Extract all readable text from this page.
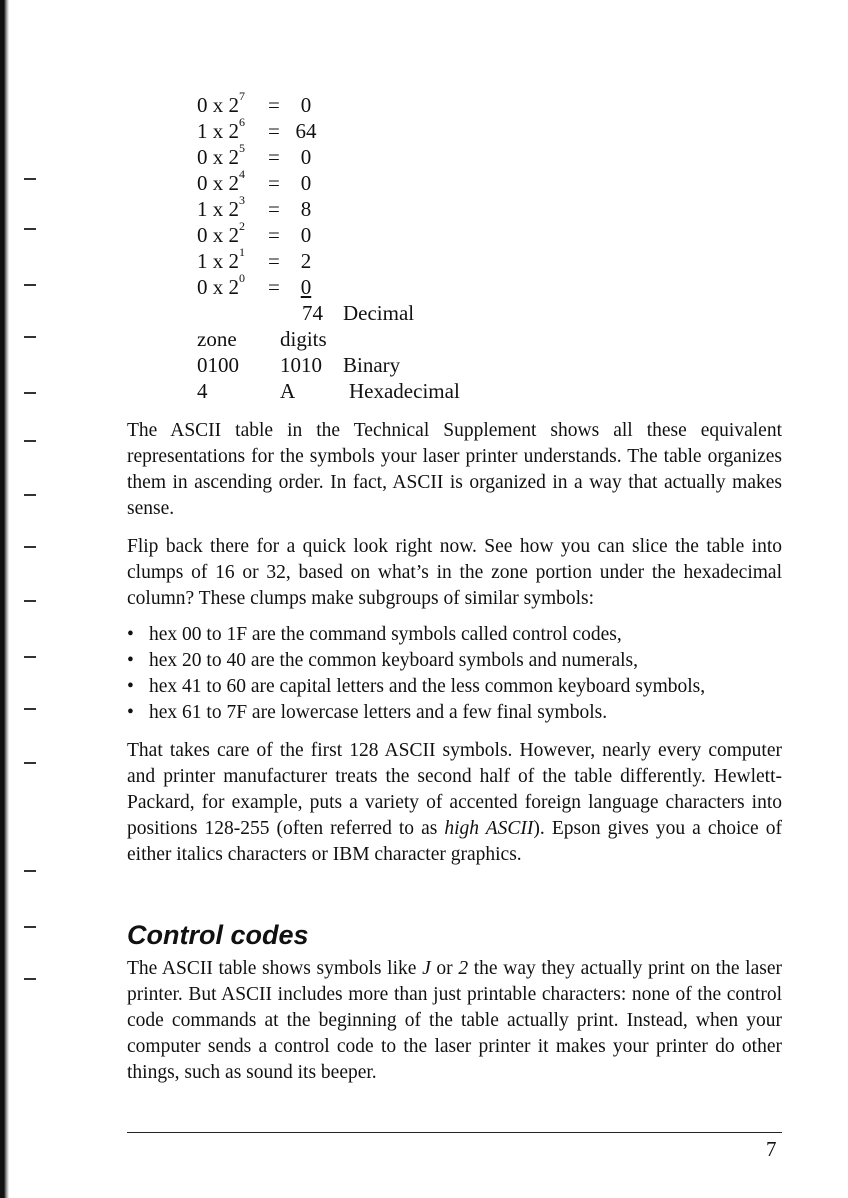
0 x $2^7 = 0$
1 x $2^6 = 64$
0 x $2^5 = 0$
0 x $2^4 = 0$
1 x $2^3 = 8$
0 x $2^2 = 0$
1 x $2^1 = 2$
0 x $2^0 = 0$
74 Decimal
zone digits
0100 1010 Binary
4	A	Hexadecimal

The ASCII table in the Technical Supplement shows all these equivalent representations for the symbols your laser printer understands. The table organizes them in ascending order. In fact, ASCII is organized in a way that actually makes sense.

Flip back there for a quick look right now. See how you can slice the table into clumps of 16 or 32, based on what’s in the zone portion under the hexadecimal column? These clumps make subgroups of similar symbols:

• hex 00 to 1F are the command symbols called control codes,
• hex 20 to 40 are the common keyboard symbols and numerals,
• hex 41 to 60 are capital letters and the less common keyboard symbols,
• hex 61 to 7F are lowercase letters and a few final symbols.

That takes care of the first 128 ASCII symbols. However, nearly every computer and printer manufacturer treats the second half of the table differently. Hewlett-Packard, for example, puts a variety of accented foreign language characters into positions 128-255 (often referred to as high ASCII). Epson gives you a choice of either italics characters or IBM character graphics.

Control codes

The ASCII table shows symbols like J or 2 the way they actually print on the laser printer. But ASCII includes more than just printable characters: none of the control code commands at the beginning of the table actually print. Instead, when your computer sends a control code to the laser printer it makes your printer do other things, such as sound its beeper.

7
